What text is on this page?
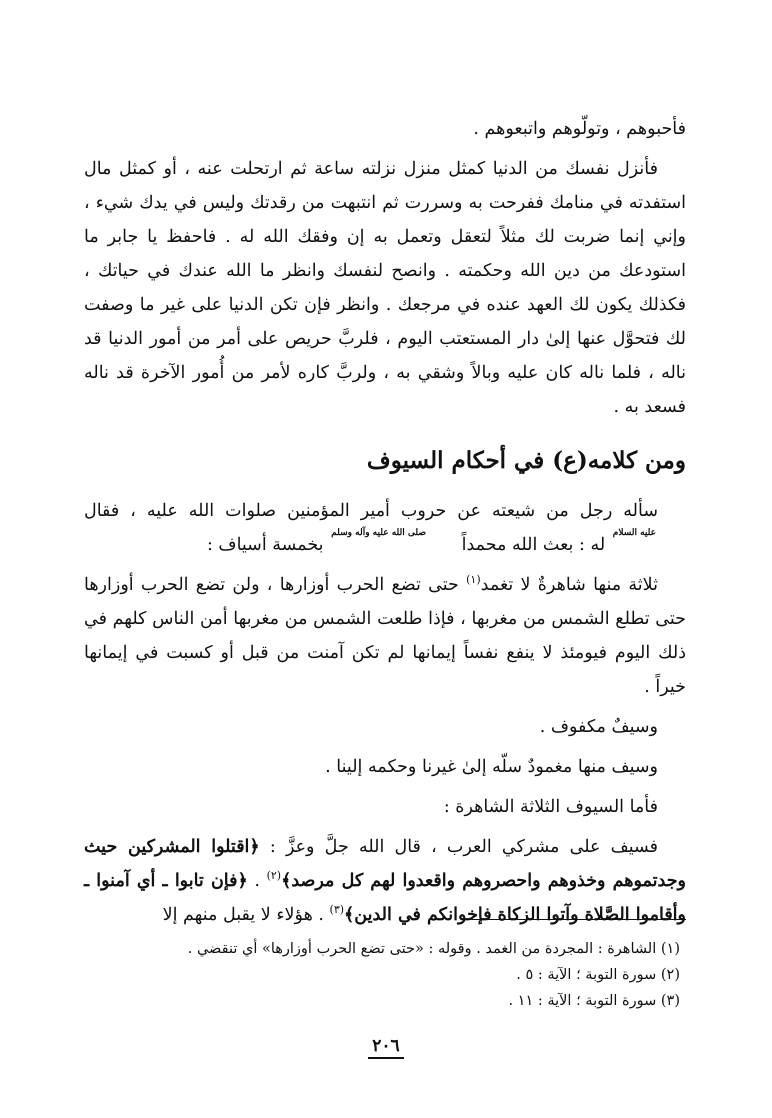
فأحبوهم ، وتولّوهم واتبعوهم .

فأنزل نفسك من الدنيا كمثل منزل نزلته ساعة ثم ارتحلت عنه ، أو كمثل مال استفدته في منامك ففرحت به وسررت ثم انتبهت من رقدتك وليس في يدك شيء ، وإني إنما ضربت لك مثلاً لتعقل وتعمل به إن وفقك الله له . فاحفظ يا جابر ما استودعك من دين الله وحكمته . وانصح لنفسك وانظر ما الله عندك في حياتك ، فكذلك يكون لك العهد عنده في مرجعك . وانظر فإن تكن الدنيا على غير ما وصفت لك فتحوَّل عنها إلىٰ دار المستعتب اليوم ، فلربَّ حريص على أمر من أمور الدنيا قد ناله ، فلما ناله كان عليه وبالاً وشقي به ، ولربَّ كاره لأمر من أُمور الآخرة قد ناله فسعد به .

ومن كلامه(ع) في أحكام السيوف

سأله رجل من شيعته عن حروب أمير المؤمنين صلوات الله عليه ، فقال عليه السلام له : بعث الله محمداً صلى الله عليه وآله وسلم بخمسة أسياف :

ثلاثة منها شاهرةٌ لا تغمد$^{(١)}$ حتى تضع الحرب أوزارها ، ولن تضع الحرب أوزارها حتى تطلع الشمس من مغربها ، فإذا طلعت الشمس من مغربها أمن الناس كلهم في ذلك اليوم فيومئذ لا ينفع نفساً إيمانها لم تكن آمنت من قبل أو كسبت في إيمانها خيراً .

وسيفٌ مكفوف .

وسيف منها مغمودٌ سلّه إلىٰ غيرنا وحكمه إلينا .

فأما السيوف الثلاثة الشاهرة :

فسيف على مشركي العرب ، قال الله جلَّ وعزَّ : ﴿اقتلوا المشركين حيث وجدتموهم وخذوهم واحصروهم واقعدوا لهم كل مرصد﴾$^{(٢)}$ . ﴿فإن تابوا ـ أي آمنوا ـ وأقاموا الصَّلاة وآتوا الزكاة فإخوانكم في الدين﴾$^{(٣)}$ . هؤلاء لا يقبل منهم إلا

(١) الشاهرة : المجردة من الغمد . وقوله : «حتى تضع الحرب أوزارها» أي تنقضي .
(٢) سورة التوبة ؛ الآية : ٥ .
(٣) سورة التوبة ؛ الآية : ١١ .
٢٠٦
